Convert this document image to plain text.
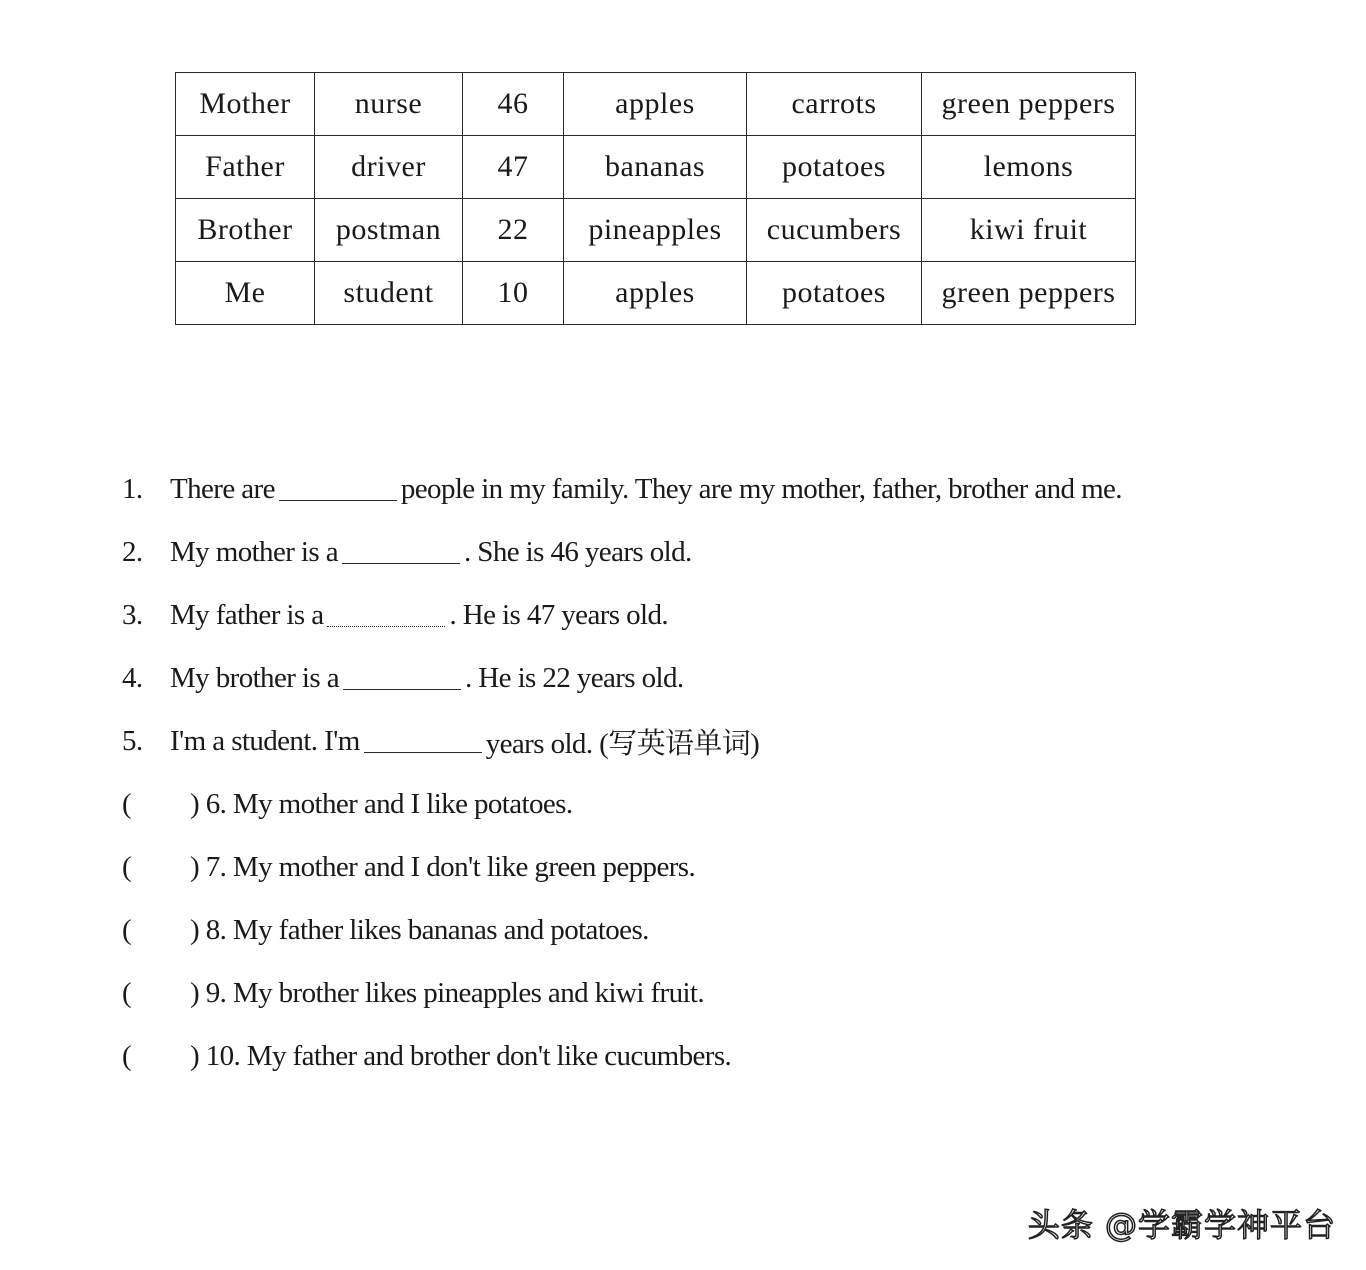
Mother	nurse	46	apples	carrots	green peppers
Father	driver	47	bananas	potatoes	lemons
Brother	postman	22	pineapples	cucumbers	kiwi fruit
Me	student	10	apples	potatoes	green peppers
1. There are	people in my family. They are my mother, father, brother and me.
2. My mother is a	. She is 46 years old.
3. My father is a	. He is 47 years old.
4. My brother is a	. He is 22 years old.
5. I'm a student. I'm	years old. (写英语单词)
(	) 6. My mother and I like potatoes.
(	) 7. My mother and I don't like green peppers.
(	) 8. My father likes bananas and potatoes.
(	) 9. My brother likes pineapples and kiwi fruit.
(	) 10. My father and brother don't like cucumbers.
头条 @学霸学神平台
